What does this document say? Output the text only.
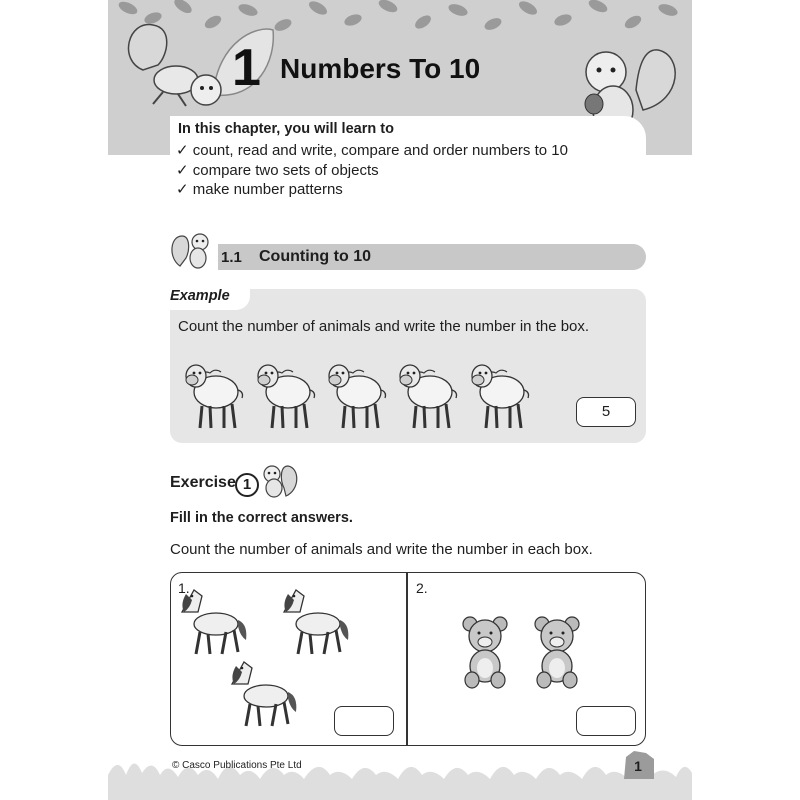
1 Numbers To 10
In this chapter, you will learn to
✓ count, read and write, compare and order numbers to 10
✓ compare two sets of objects
✓ make number patterns
1.1 Counting to 10
Example
Count the number of animals and write the number in the box.
5
Exercise 1
Fill in the correct answers.
Count the number of animals and write the number in each box.
1.	2.
© Casco Publications Pte Ltd	1
